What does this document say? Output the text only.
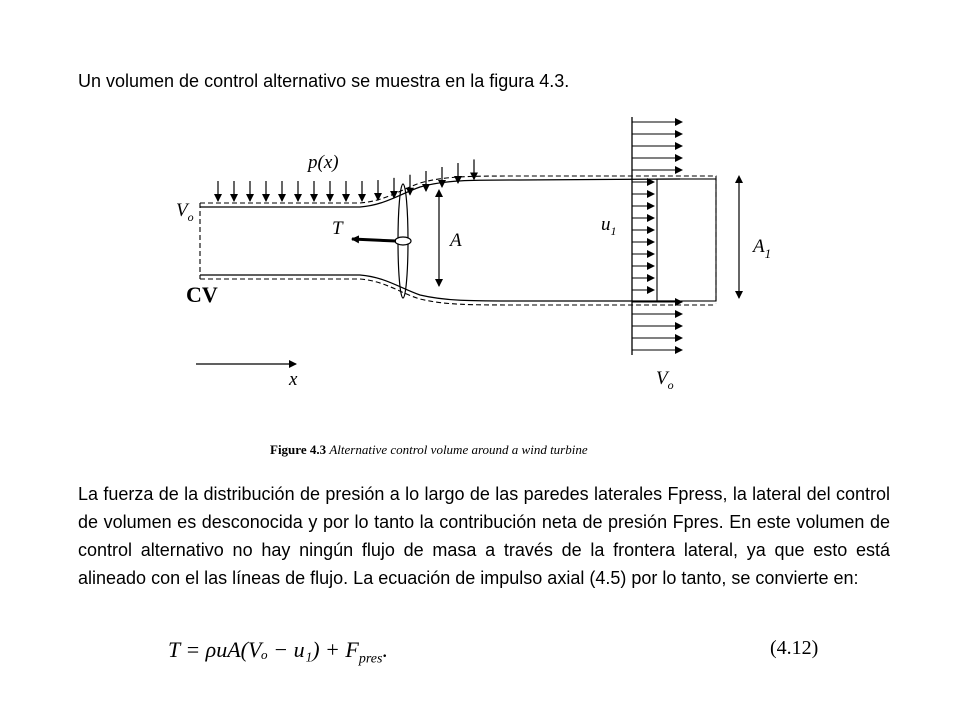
Un volumen de control alternativo se muestra en la figura 4.3.

p(x)
$V_o$
T
A
$u_1$
$A_1$
CV
x	$V_o$
Figure 4.3 Alternative control volume around a wind turbine

La fuerza de la distribución de presión a lo largo de las paredes laterales Fpress, la lateral del control de volumen es desconocida y por lo tanto la contribución neta de presión Fpres. En este volumen de control alternativo no hay ningún flujo de masa a través de la frontera lateral, ya que esto está alineado con el las líneas de flujo. La ecuación de impulso axial (4.5) por lo tanto, se convierte en:

$T = \rho uA(V_o - u_1) + F_{pres}$.	(4.12)
